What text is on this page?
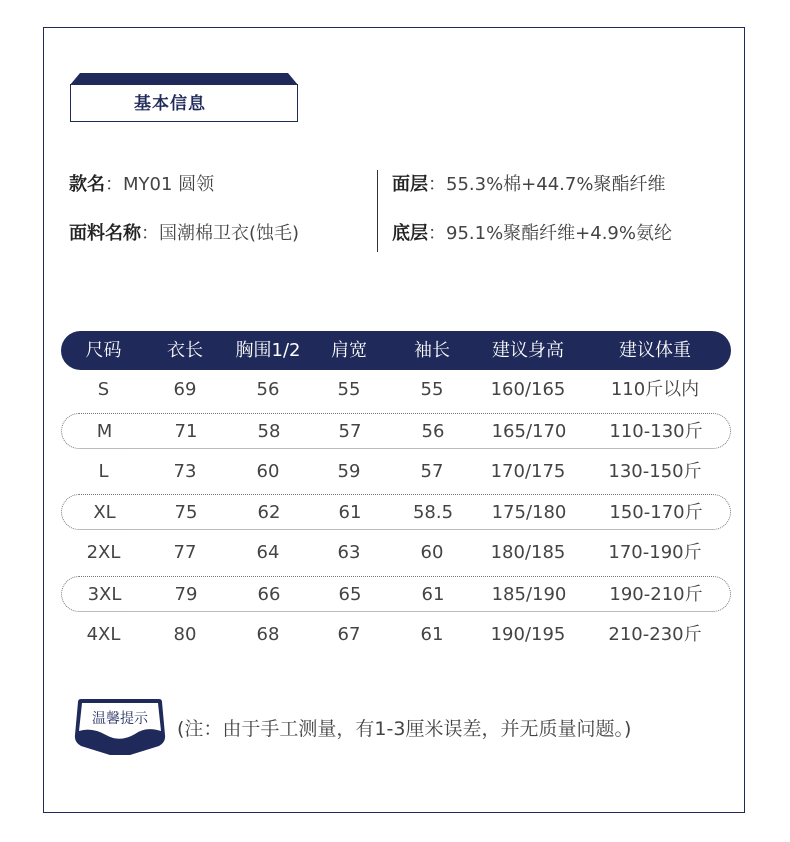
基本信息
款名：MY01 圆领
面料名称：国潮棉卫衣(蚀毛)
面层：55.3%棉+44.7%聚酯纤维
底层：95.1%聚酯纤维+4.9%氨纶
尺码	衣长	胸围1/2	肩宽	袖长	建议身高	建议体重
S	69	56	55	55	160/165	110斤以内
M	71	58	57	56	165/170	110-130斤
L	73	60	59	57	170/175	130-150斤
XL	75	62	61	58.5	175/180	150-170斤
2XL	77	64	63	60	180/185	170-190斤
3XL	79	66	65	61	185/190	190-210斤
4XL	80	68	67	61	190/195	210-230斤
温馨提示 (注：由于手工测量，有1-3厘米误差，并无质量问题。)
